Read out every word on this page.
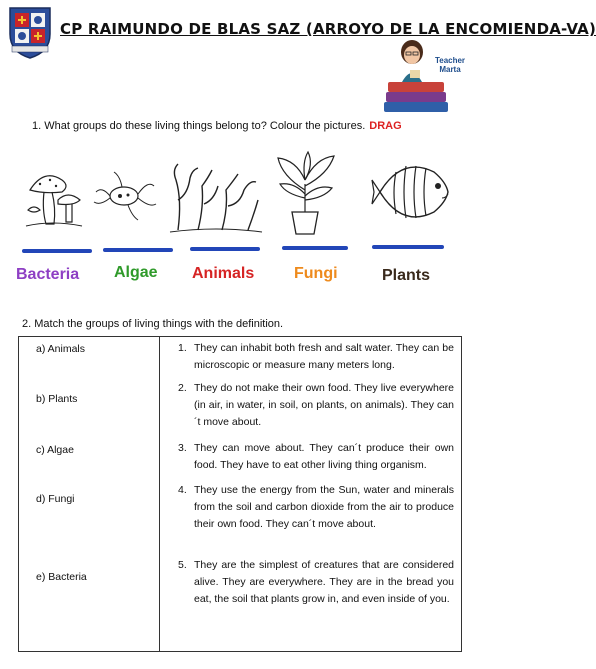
CP RAIMUNDO DE BLAS SAZ (ARROYO DE LA ENCOMIENDA-VA)
Teacher Marta
1. What groups do these living things belong to? Colour the pictures. DRAG
Bacteria Algae Animals Fungi	Plants
2. Match the groups of living things with the definition.

a) Animals
b) Plants
c) Algae
d) Fungi
e) Bacteria
1. They can inhabit both fresh and salt water. They can be microscopic or measure many meters long.
2. They do not make their own food. They live everywhere (in air, in water, in soil, on plants, on animals). They can´t move about.
3. They can move about. They can´t produce their own food. They have to eat other living thing organism.
4. They use the energy from the Sun, water and minerals from the soil and carbon dioxide from the air to produce their own food. They can´t move about.
5. They are the simplest of creatures that are considered alive. They are everywhere. They are in the bread you eat, the soil that plants grow in, and even inside of you.
